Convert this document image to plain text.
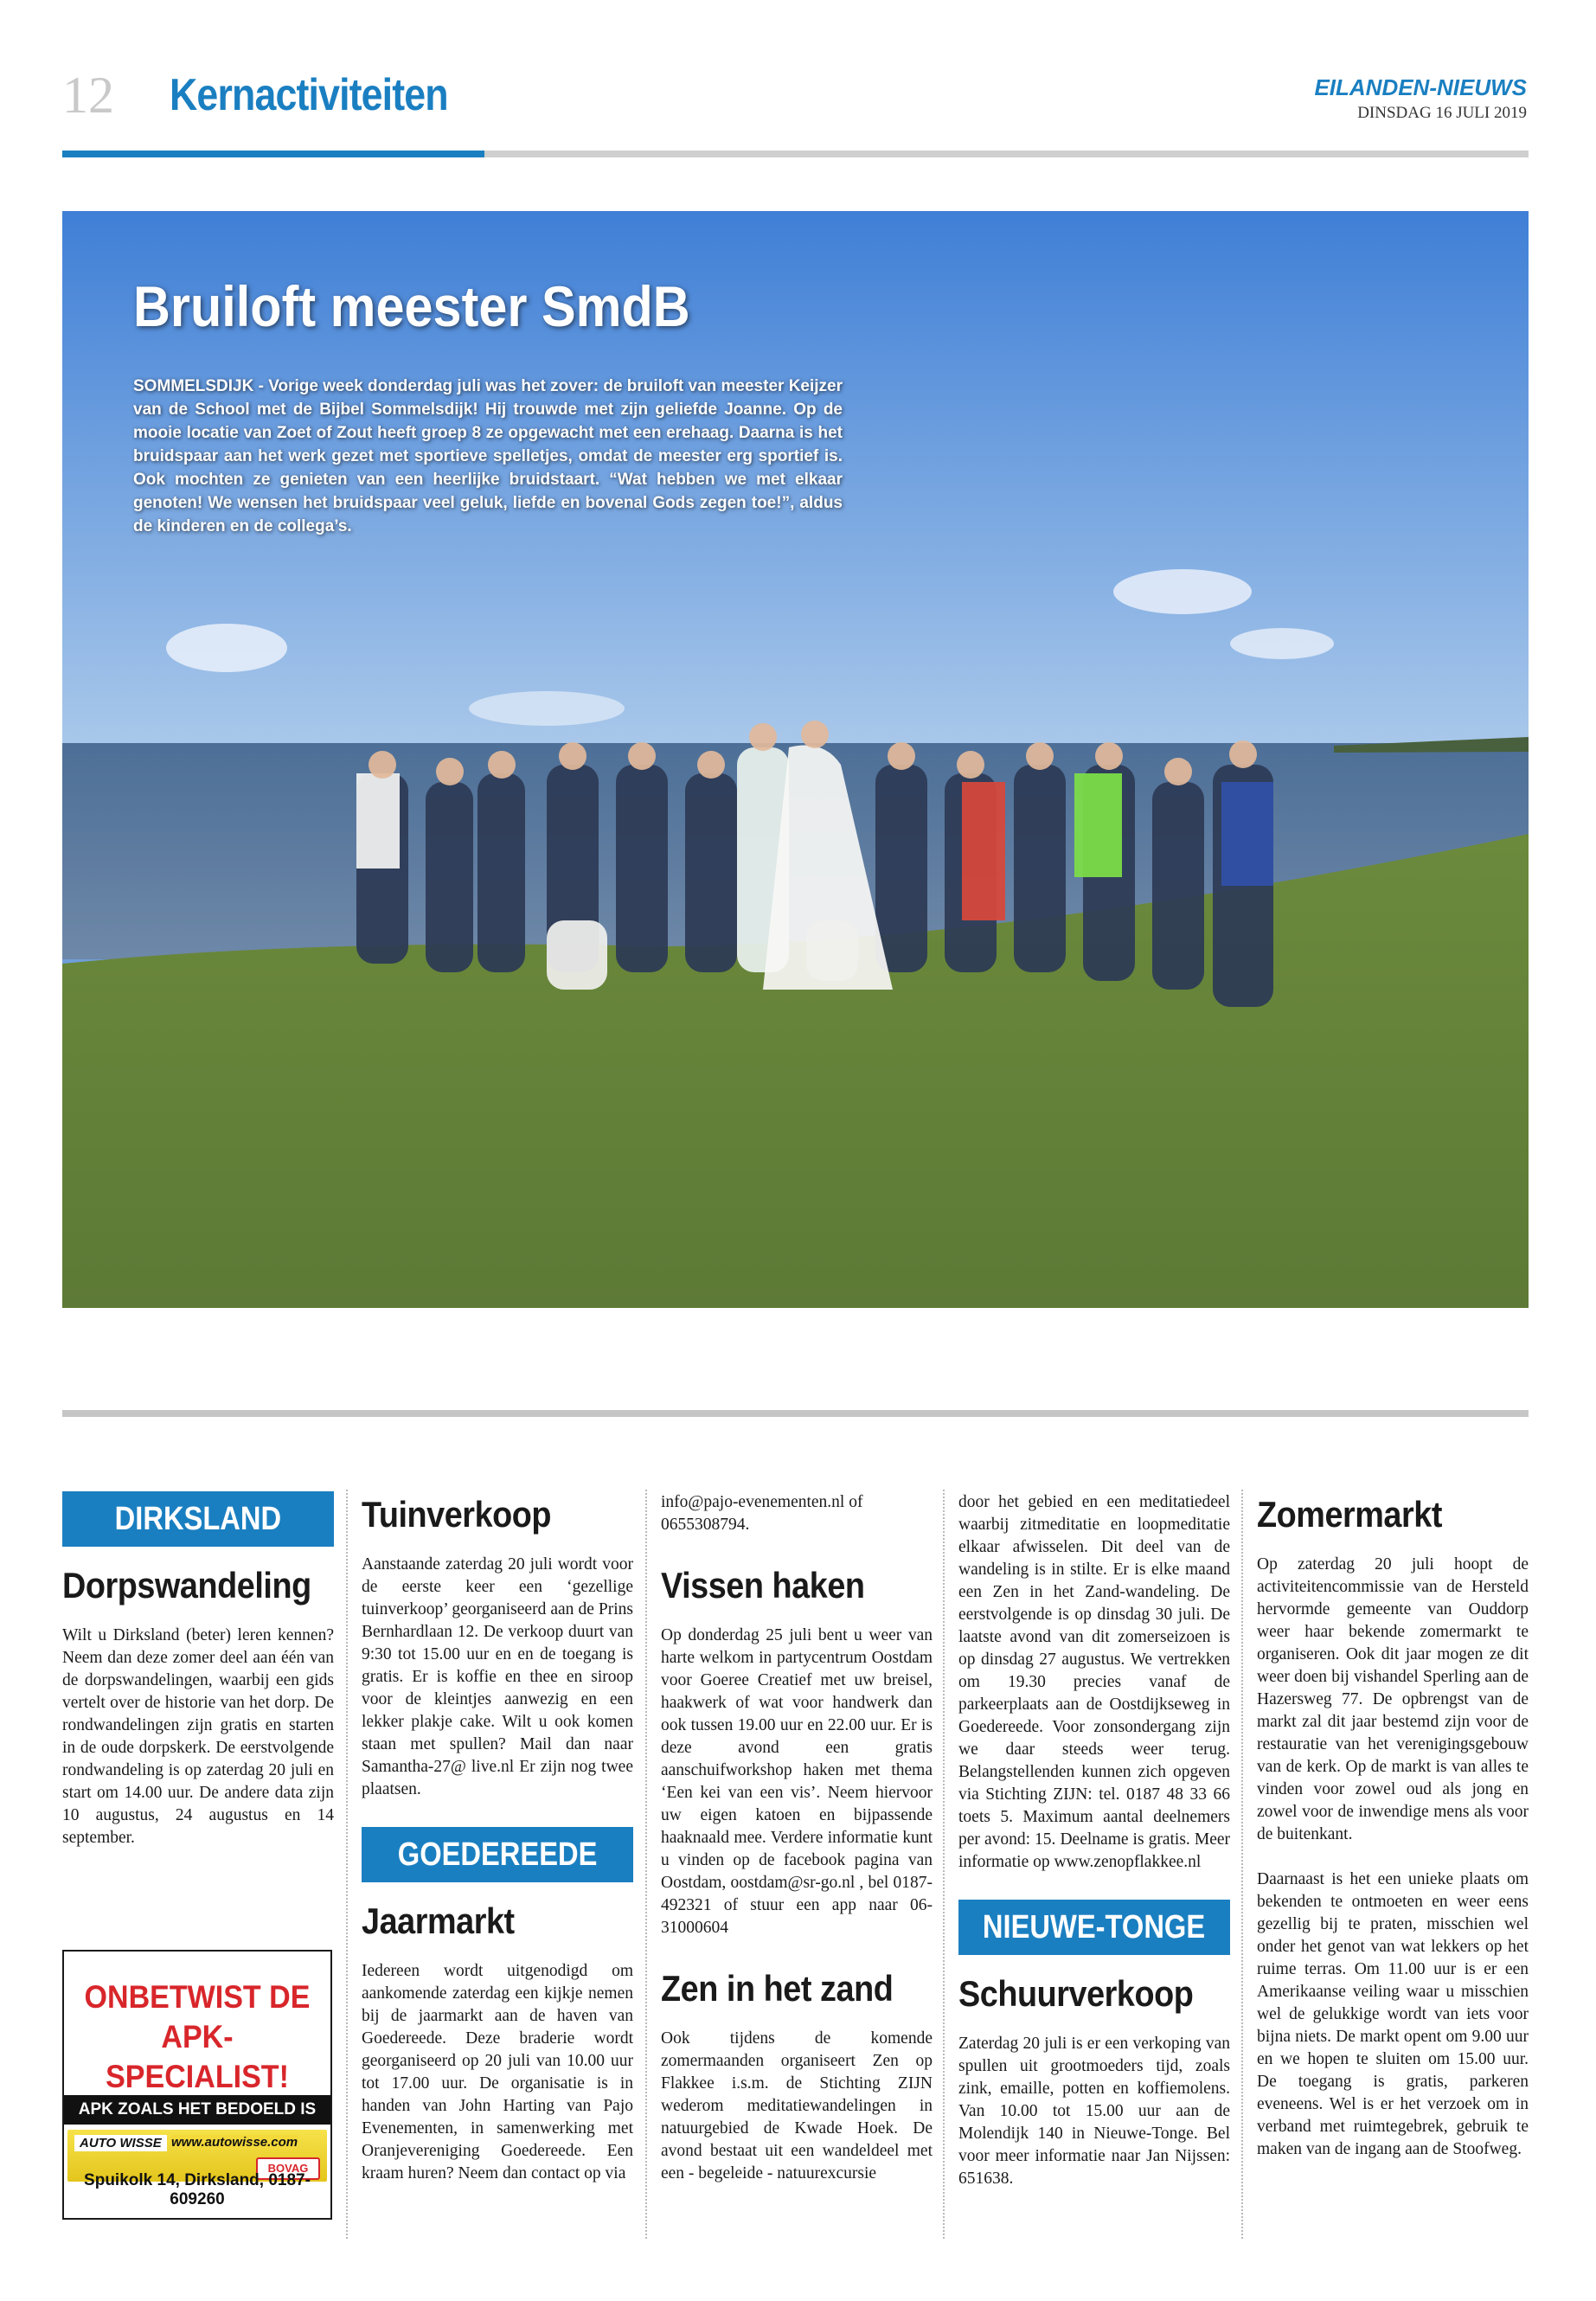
12 Kernactiviteiten	EILANDEN-NIEUWS
DINSDAG 16 JULI 2019
Bruiloft meester SmdB

SOMMELSDIJK - Vorige week donderdag juli was het zover: de bruiloft van meester Keijzer van de School met de Bijbel Sommelsdijk! Hij trouwde met zijn geliefde Joanne. Op de mooie locatie van Zoet of Zout heeft groep 8 ze opgewacht met een erehaag. Daarna is het bruidspaar aan het werk gezet met sportieve spelletjes, omdat de meester erg sportief is. Ook mochten ze genieten van een heerlijke bruidstaart. “Wat hebben we met elkaar genoten! We wensen het bruidspaar veel geluk, liefde en bovenal Gods zegen toe!”, aldus de kinderen en de collega’s.

DIRKSLAND
Dorpswandeling

Wilt u Dirksland (beter) leren kennen? Neem dan deze zomer deel aan één van de dorpswandelingen, waarbij een gids vertelt over de historie van het dorp. De rondwandelingen zijn gratis en starten in de oude dorpskerk. De eerstvolgende rondwandeling is op zaterdag 20 juli en start om 14.00 uur. De andere data zijn 10 augustus, 24 augustus en 14 september.

ONBETWIST DE
APK-SPECIALIST!
APK ZOALS HET BEDOELD IS
AUTO WISSE www.autowisse.com
BOVAG
Spuikolk 14, Dirksland, 0187-609260
Tuinverkoop

Aanstaande zaterdag 20 juli wordt voor de eerste keer een ‘gezellige tuinverkoop’ georganiseerd aan de Prins Bernhardlaan 12. De verkoop duurt van 9:30 tot 15.00 uur en en de toegang is gratis. Er is koffie en thee en siroop voor de kleintjes aanwezig en een lekker plakje cake. Wilt u ook komen staan met spullen? Mail dan naar Samantha-27@ live.nl Er zijn nog twee plaatsen.

GOEDEREEDE
Jaarmarkt

Iedereen wordt uitgenodigd om aankomende zaterdag een kijkje nemen bij de jaarmarkt aan de haven van Goedereede. Deze braderie wordt georganiseerd op 20 juli van 10.00 uur tot 17.00 uur. De organisatie is in handen van John Harting van Pajo Evenementen, in samenwerking met Oranjevereniging Goedereede. Een kraam huren? Neem dan contact op via

info@pajo-evenementen.nl of 0655308794.

Vissen haken

Op donderdag 25 juli bent u weer van harte welkom in partycentrum Oostdam voor Goeree Creatief met uw breisel, haakwerk of wat voor handwerk dan ook tussen 19.00 uur en 22.00 uur. Er is deze avond een gratis aanschuifworkshop haken met thema ‘Een kei van een vis’. Neem hiervoor uw eigen katoen en bijpassende haaknaald mee. Verdere informatie kunt u vinden op de facebook pagina van Oostdam, oostdam@sr-go.nl , bel 0187-492321 of stuur een app naar 06-31000604

Zen in het zand

Ook tijdens de komende zomermaanden organiseert Zen op Flakkee i.s.m. de Stichting ZIJN wederom meditatiewandelingen in natuurgebied de Kwade Hoek. De avond bestaat uit een wandeldeel met een - begeleide - natuurexcursie

door het gebied en een meditatiedeel waarbij zitmeditatie en loopmeditatie elkaar afwisselen. Dit deel van de wandeling is in stilte. Er is elke maand een Zen in het Zand-wandeling. De eerstvolgende is op dinsdag 30 juli. De laatste avond van dit zomerseizoen is op dinsdag 27 augustus. We vertrekken om 19.30 precies vanaf de parkeerplaats aan de Oostdijkseweg in Goedereede. Voor zonsondergang zijn we daar steeds weer terug. Belangstellenden kunnen zich opgeven via Stichting ZIJN: tel. 0187 48 33 66 toets 5. Maximum aantal deelnemers per avond: 15. Deelname is gratis. Meer informatie op www.zenopflakkee.nl

NIEUWE-TONGE
Schuurverkoop

Zaterdag 20 juli is er een verkoping van spullen uit grootmoeders tijd, zoals zink, emaille, potten en koffiemolens. Van 10.00 tot 15.00 uur aan de Molendijk 140 in Nieuwe-Tonge. Bel voor meer informatie naar Jan Nijssen: 651638.

Zomermarkt

Op zaterdag 20 juli hoopt de activiteitencommissie van de Hersteld hervormde gemeente van Ouddorp weer haar bekende zomermarkt te organiseren. Ook dit jaar mogen ze dit weer doen bij vishandel Sperling aan de Hazersweg 77. De opbrengst van de markt zal dit jaar bestemd zijn voor de restauratie van het verenigingsgebouw van de kerk. Op de markt is van alles te vinden voor zowel oud als jong en zowel voor de inwendige mens als voor de buitenkant.

Daarnaast is het een unieke plaats om bekenden te ontmoeten en weer eens gezellig bij te praten, misschien wel onder het genot van wat lekkers op het ruime terras. Om 11.00 uur is er een Amerikaanse veiling waar u misschien wel de gelukkige wordt van iets voor bijna niets. De markt opent om 9.00 uur en we hopen te sluiten om 15.00 uur. De toegang is gratis, parkeren eveneens. Wel is er het verzoek om in verband met ruimtegebrek, gebruik te maken van de ingang aan de Stoofweg.
